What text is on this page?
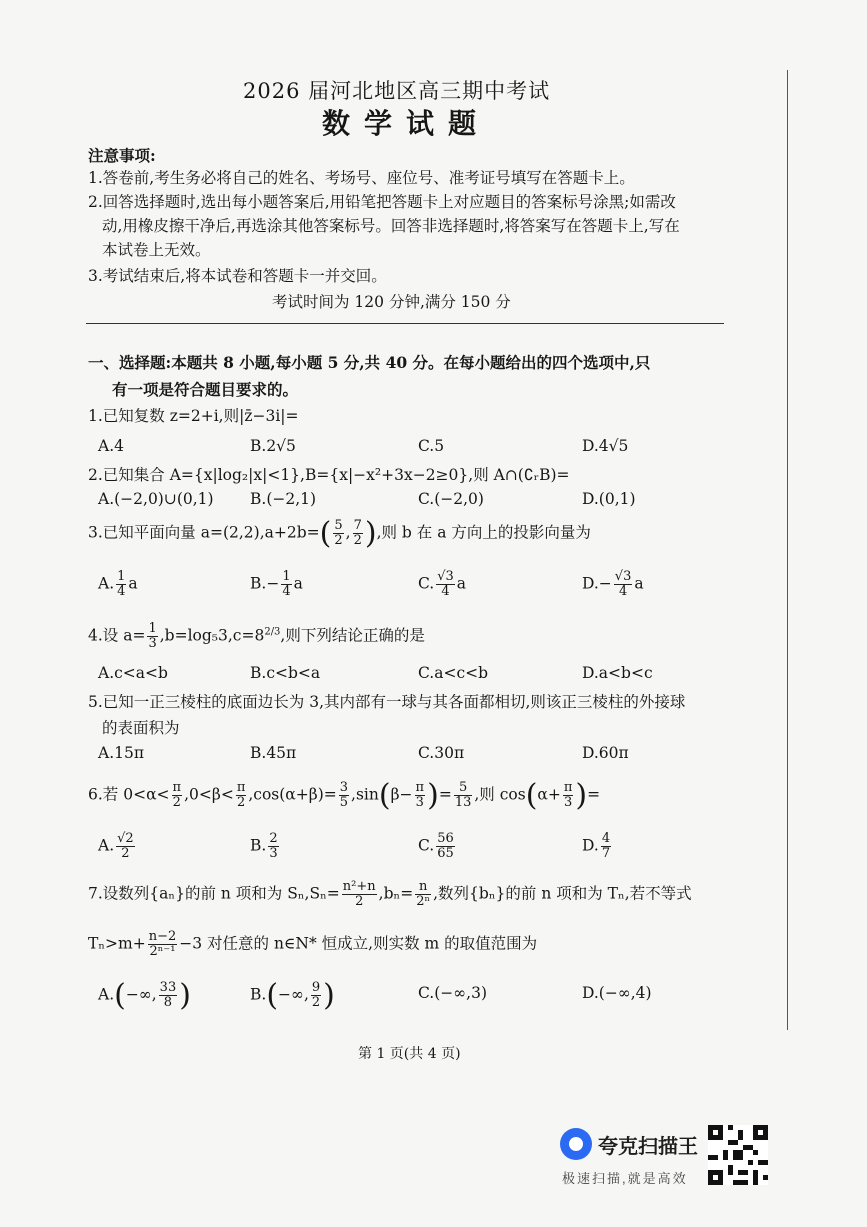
2026 届河北地区高三期中考试
数学试题
注意事项:
1.答卷前,考生务必将自己的姓名、考场号、座位号、准考证号填写在答题卡上。
2.回答选择题时,选出每小题答案后,用铅笔把答题卡上对应题目的答案标号涂黑;如需改
动,用橡皮擦干净后,再选涂其他答案标号。回答非选择题时,将答案写在答题卡上,写在
本试卷上无效。
3.考试结束后,将本试卷和答题卡一并交回。
考试时间为 120 分钟,满分 150 分
一、选择题:本题共 8 小题,每小题 5 分,共 40 分。在每小题给出的四个选项中,只
有一项是符合题目要求的。
1.已知复数 z=2+i,则|z̄−3i|=
A.4	B.2√5	C.5	D.4√5
2.已知集合 A={x|log₂|x|<1},B={x|−x²+3x−2≥0},则 A∩(∁ᵣB)=
A.(−2,0)∪(0,1) B.(−2,1)	C.(−2,0)	D.(0,1)
3.已知平面向量 $a=(2,2),a+2b=( \frac{5}{2}$ , $\frac{7}{2}$ ),则 b 在 a 方向上的投影向量为
A. $\frac{1}{4}$ a	$B.- \frac{1}{4}$ a	C. $\frac{√3}{4}$ a	$D.- \frac{√3}{4}$ a
4.设 $a= \frac{1}{3} ,b=\log_53,c=8^{2/3}$,则下列结论正确的是
A.c<a<b	B.c<b<a	C.a<c<b	D.a<b<c
5.已知一正三棱柱的底面边长为 3,其内部有一球与其各面都相切,则该正三棱柱的外接球
的表面积为
A.15π	B.45π	C.30π	D.60π
6.若 $0<\alpha< \frac{\pi}{2} ,0<\beta< \frac{\pi}{2} ,\cos(\alpha+\beta)= \frac{3}{5} ,\sin(\beta- \frac{\pi}{3}$ )= $\frac{5}{13}$ ,则 $\cos(\alpha+ \frac{\pi}{3}$ )=
A. $\frac{√2}{2}$	B. $\frac{2}{3}$	C. $\frac{56}{65}$	D. $\frac{4}{7}$
7.设数列{aₙ}的前 n 项和为 $S_n,S_n= \frac{\text{n²+n}}{2} ,b_n= \frac{n}{\text{2ⁿ}}$ ,数列{bₙ}的前 n 项和为 Tₙ,若不等式
$T_n>m+ \frac{n-2}{\text{2ⁿ⁻¹}} -3$ 对任意的 n∈N* 恒成立,则实数 m 的取值范围为
A.(−∞, $\frac{33}{8}$ )	B.(−∞, $\frac{9}{2}$ )	C.(−∞,3)	D.(−∞,4)
第 1 页(共 4 页)
夸克扫描王
极速扫描,就是高效
